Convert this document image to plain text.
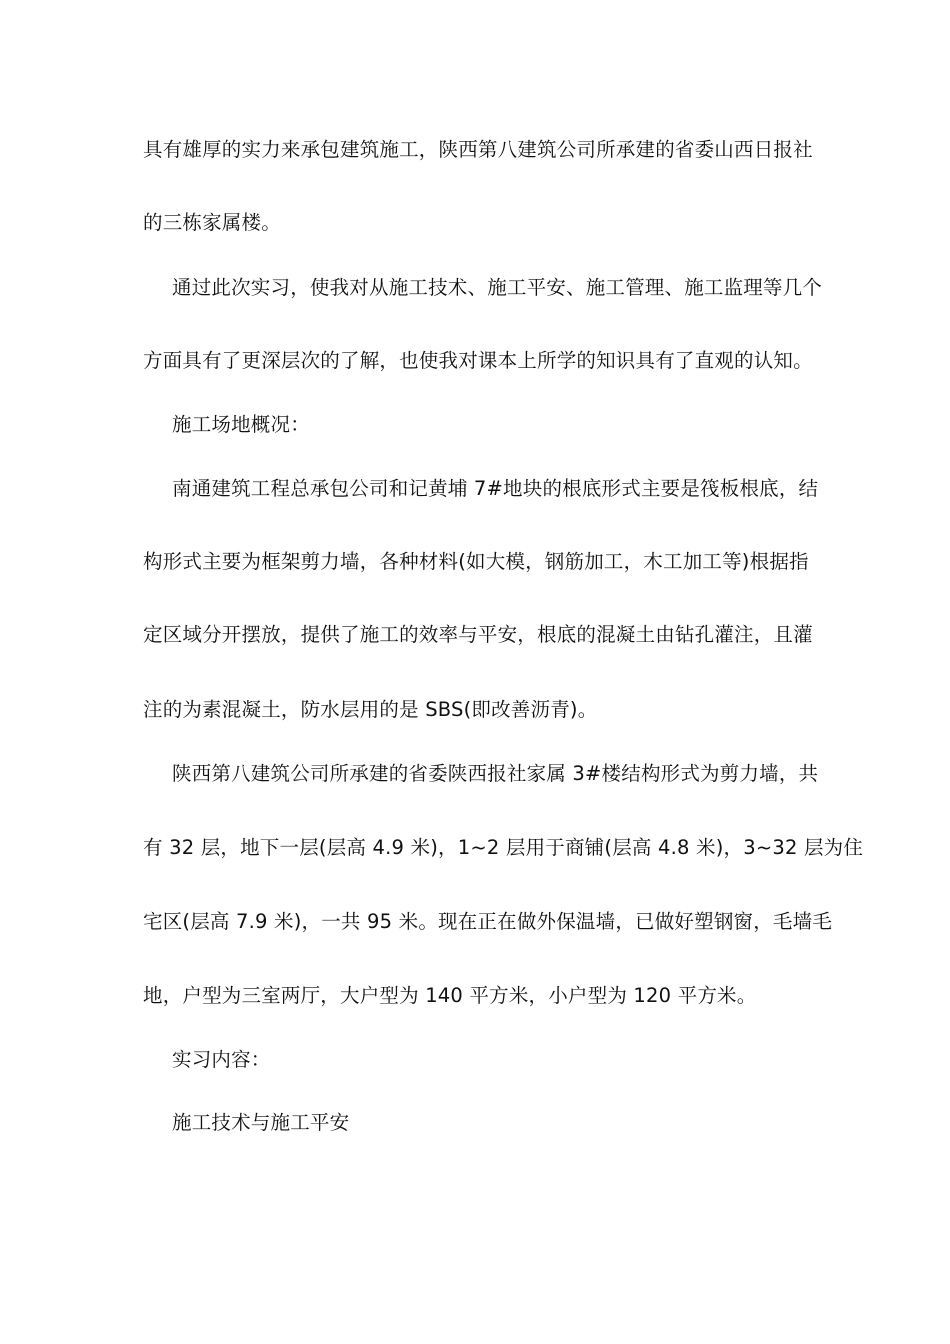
具有雄厚的实力来承包建筑施工，陕西第八建筑公司所承建的省委山西日报社
的三栋家属楼。
通过此次实习，使我对从施工技术、施工平安、施工管理、施工监理等几个
方面具有了更深层次的了解，也使我对课本上所学的知识具有了直观的认知。
施工场地概况：
南通建筑工程总承包公司和记黄埔 7#地块的根底形式主要是筏板根底，结
构形式主要为框架剪力墙，各种材料(如大模，钢筋加工，木工加工等)根据指
定区域分开摆放，提供了施工的效率与平安，根底的混凝土由钻孔灌注，且灌
注的为素混凝土，防水层用的是 SBS(即改善沥青)。
陕西第八建筑公司所承建的省委陕西报社家属 3#楼结构形式为剪力墙，共
有 32 层，地下一层(层高 4.9 米)，1~2 层用于商铺(层高 4.8 米)，3~32 层为住
宅区(层高 7.9 米)，一共 95 米。现在正在做外保温墙，已做好塑钢窗，毛墙毛
地，户型为三室两厅，大户型为 140 平方米，小户型为 120 平方米。
实习内容：
施工技术与施工平安
